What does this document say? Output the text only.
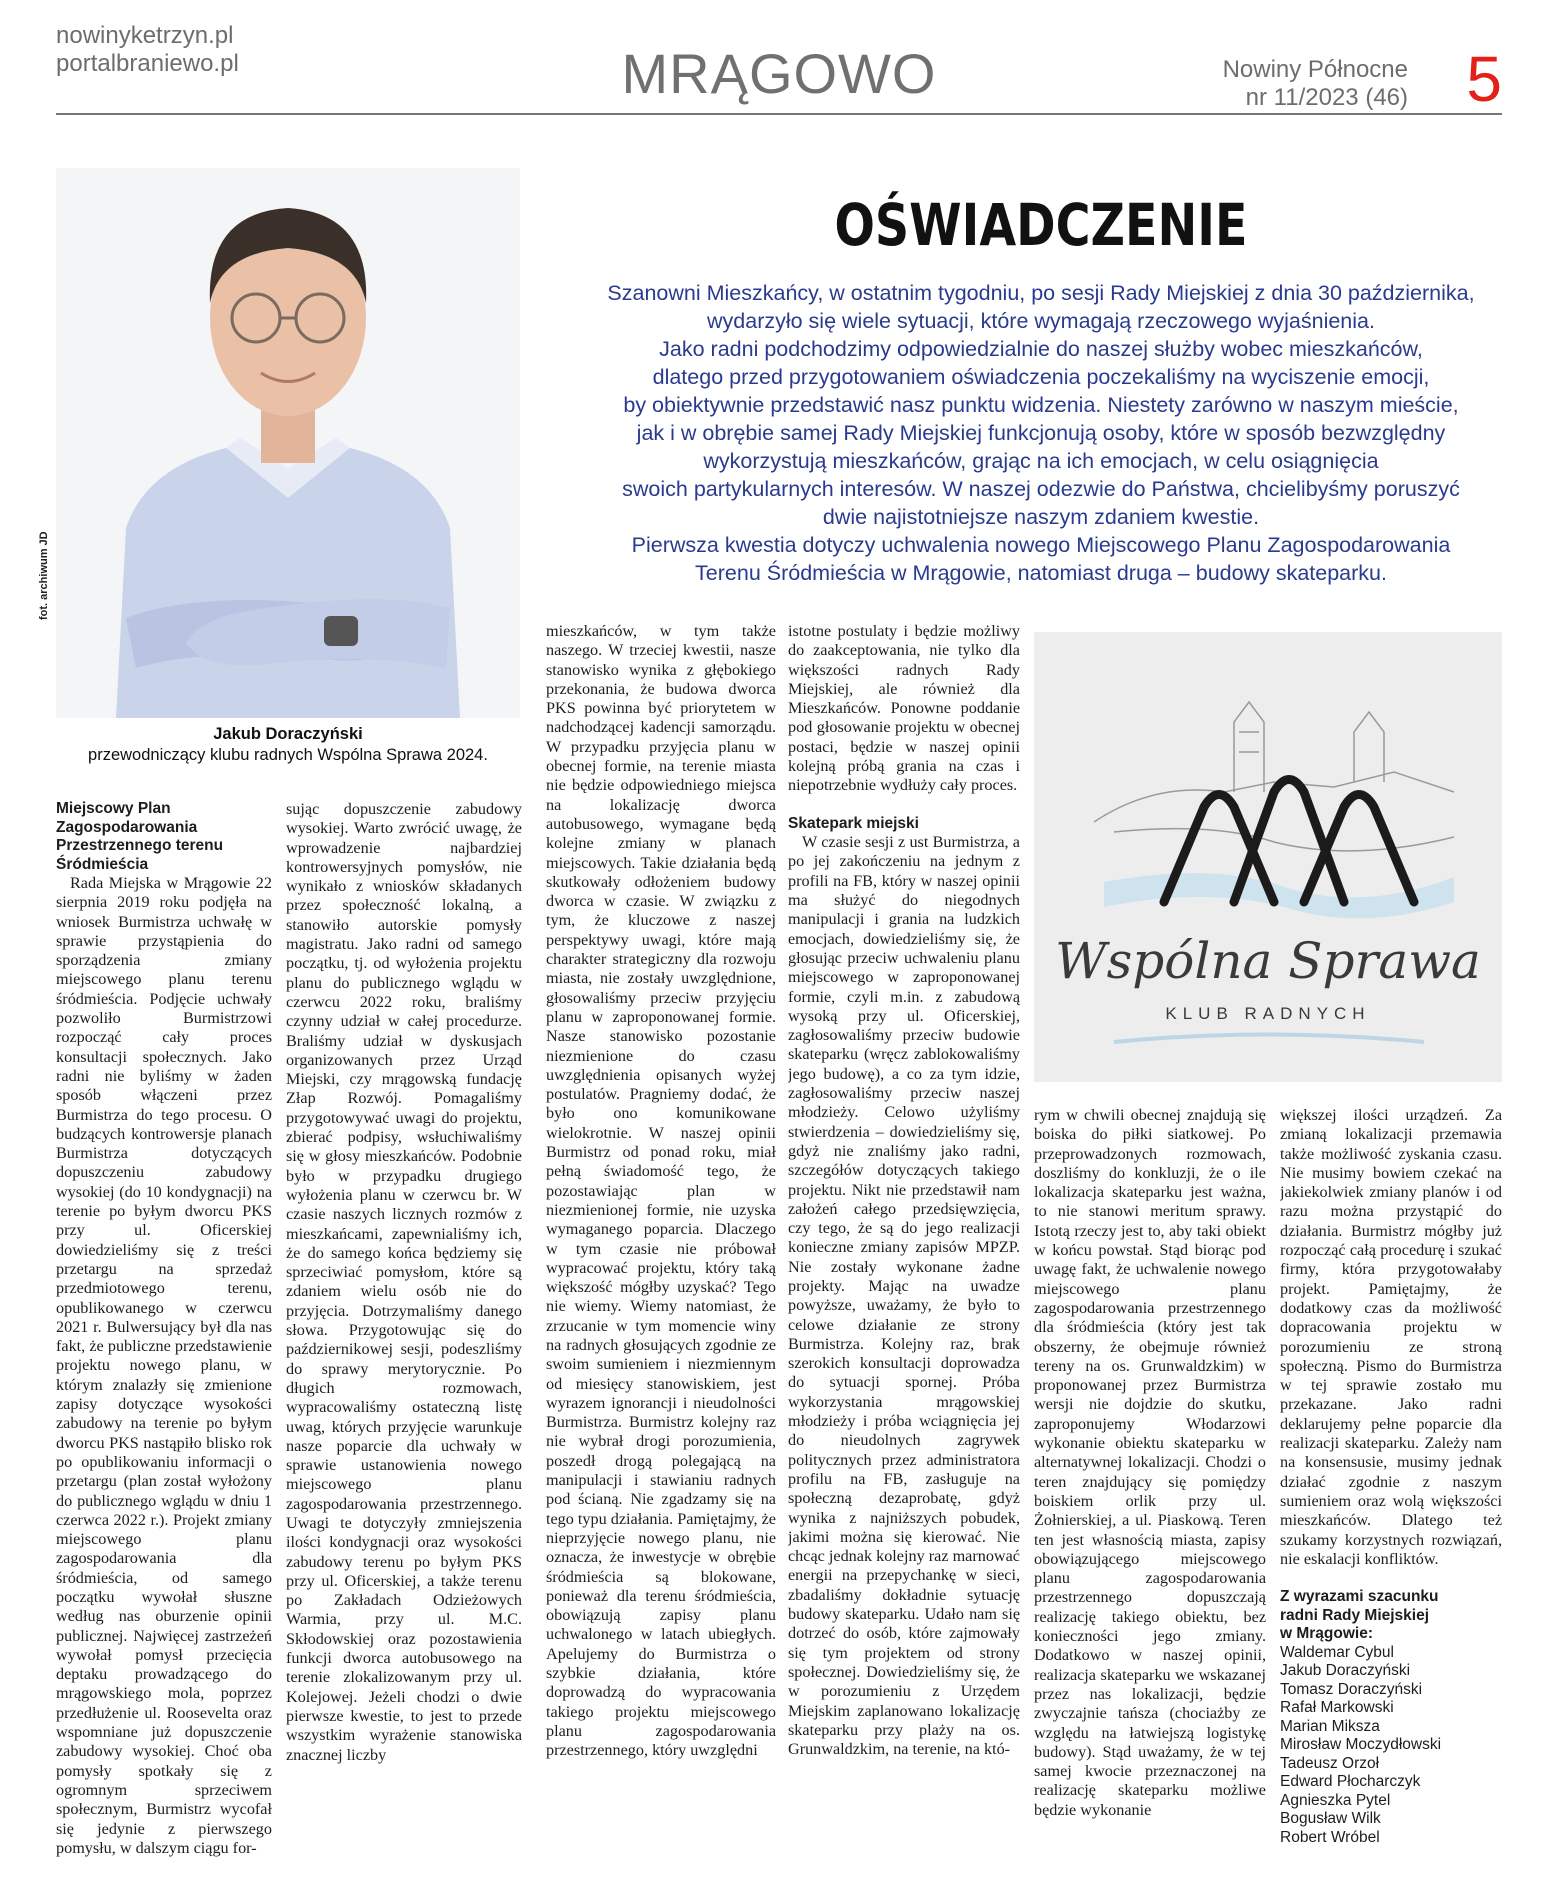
nowinyketrzyn.pl
portalbraniewo.pl	MRĄGOWO	Nowiny Północne
nr 11/2023 (46) 5
fot. archiwum JD
Jakub Doraczyński
przewodniczący klubu radnych Wspólna Sprawa 2024.
OŚWIADCZENIE
Szanowni Mieszkańcy, w ostatnim tygodniu, po sesji Rady Miejskiej z dnia 30 października,
wydarzyło się wiele sytuacji, które wymagają rzeczowego wyjaśnienia.
Jako radni podchodzimy odpowiedzialnie do naszej służby wobec mieszkańców,
dlatego przed przygotowaniem oświadczenia poczekaliśmy na wyciszenie emocji,
by obiektywnie przedstawić nasz punktu widzenia. Niestety zarówno w naszym mieście,
jak i w obrębie samej Rady Miejskiej funkcjonują osoby, które w sposób bezwzględny
wykorzystują mieszkańców, grając na ich emocjach, w celu osiągnięcia
swoich partykularnych interesów. W naszej odezwie do Państwa, chcielibyśmy poruszyć
dwie najistotniejsze naszym zdaniem kwestie.
Pierwsza kwestia dotyczy uchwalenia nowego Miejscowego Planu Zagospodarowania
Terenu Śródmieścia w Mrągowie, natomiast druga – budowy skateparku.

Miejscowy Plan Zagospodarowania Przestrzennego terenu Śródmieścia

Rada Miejska w Mrągowie 22 sierpnia 2019 roku podjęła na wniosek Burmistrza uchwałę w sprawie przystąpienia do sporządzenia zmiany miejscowego planu terenu śródmieścia. Podjęcie uchwały pozwoliło Burmistrzowi rozpocząć cały proces konsultacji społecznych. Jako radni nie byliśmy w żaden sposób włączeni przez Burmistrza do tego procesu. O budzących kontrowersje planach Burmistrza dotyczących dopuszczeniu zabudowy wysokiej (do 10 kondygnacji) na terenie po byłym dworcu PKS przy ul. Oficerskiej dowiedzieliśmy się z treści przetargu na sprzedaż przedmiotowego terenu, opublikowanego w czerwcu 2021 r. Bulwersujący był dla nas fakt, że publiczne przedstawienie projektu nowego planu, w którym znalazły się zmienione zapisy dotyczące wysokości zabudowy na terenie po byłym dworcu PKS nastąpiło blisko rok po opublikowaniu informacji o przetargu (plan został wyłożony do publicznego wglądu w dniu 1 czerwca 2022 r.). Projekt zmiany miejscowego planu zagospodarowania dla śródmieścia, od samego początku wywołał słuszne według nas oburzenie opinii publicznej. Najwięcej zastrzeżeń wywołał pomysł przecięcia deptaku prowadzącego do mrągowskiego mola, poprzez przedłużenie ul. Roosevelta oraz wspomniane już dopuszczenie zabudowy wysokiej. Choć oba pomysły spotkały się z ogromnym sprzeciwem społecznym, Burmistrz wycofał się jedynie z pierwszego pomysłu, w dalszym ciągu for-

sując dopuszczenie zabudowy wysokiej. Warto zwrócić uwagę, że wprowadzenie najbardziej kontrowersyjnych pomysłów, nie wynikało z wniosków składanych przez społeczność lokalną, a stanowiło autorskie pomysły magistratu. Jako radni od samego początku, tj. od wyłożenia projektu planu do publicznego wglądu w czerwcu 2022 roku, braliśmy czynny udział w całej procedurze. Braliśmy udział w dyskusjach organizowanych przez Urząd Miejski, czy mrągowską fundację Złap Rozwój. Pomagaliśmy przygotowywać uwagi do projektu, zbierać podpisy, wsłuchiwaliśmy się w głosy mieszkańców. Podobnie było w przypadku drugiego wyłożenia planu w czerwcu br. W czasie naszych licznych rozmów z mieszkańcami, zapewnialiśmy ich, że do samego końca będziemy się sprzeciwiać pomysłom, które są zdaniem wielu osób nie do przyjęcia. Dotrzymaliśmy danego słowa. Przygotowując się do październikowej sesji, podeszliśmy do sprawy merytorycznie. Po długich rozmowach, wypracowaliśmy ostateczną listę uwag, których przyjęcie warunkuje nasze poparcie dla uchwały w sprawie ustanowienia nowego miejscowego planu zagospodarowania przestrzennego. Uwagi te dotyczyły zmniejszenia ilości kondygnacji oraz wysokości zabudowy terenu po byłym PKS przy ul. Oficerskiej, a także terenu po Zakładach Odzieżowych Warmia, przy ul. M.C. Skłodowskiej oraz pozostawienia funkcji dworca autobusowego na terenie zlokalizowanym przy ul. Kolejowej. Jeżeli chodzi o dwie pierwsze kwestie, to jest to przede wszystkim wyrażenie stanowiska znacznej liczby

mieszkańców, w tym także naszego. W trzeciej kwestii, nasze stanowisko wynika z głębokiego przekonania, że budowa dworca PKS powinna być priorytetem w nadchodzącej kadencji samorządu. W przypadku przyjęcia planu w obecnej formie, na terenie miasta nie będzie odpowiedniego miejsca na lokalizację dworca autobusowego, wymagane będą kolejne zmiany w planach miejscowych. Takie działania będą skutkowały odłożeniem budowy dworca w czasie. W związku z tym, że kluczowe z naszej perspektywy uwagi, które mają charakter strategiczny dla rozwoju miasta, nie zostały uwzględnione, głosowaliśmy przeciw przyjęciu planu w zaproponowanej formie. Nasze stanowisko pozostanie niezmienione do czasu uwzględnienia opisanych wyżej postulatów. Pragniemy dodać, że było ono komunikowane wielokrotnie. W naszej opinii Burmistrz od ponad roku, miał pełną świadomość tego, że pozostawiając plan w niezmienionej formie, nie uzyska wymaganego poparcia. Dlaczego w tym czasie nie próbował wypracować projektu, który taką większość mógłby uzyskać? Tego nie wiemy. Wiemy natomiast, że zrzucanie w tym momencie winy na radnych głosujących zgodnie ze swoim sumieniem i niezmiennym od miesięcy stanowiskiem, jest wyrazem ignorancji i nieudolności Burmistrza. Burmistrz kolejny raz nie wybrał drogi porozumienia, poszedł drogą polegającą na manipulacji i stawianiu radnych pod ścianą. Nie zgadzamy się na tego typu działania. Pamiętajmy, że nieprzyjęcie nowego planu, nie oznacza, że inwestycje w obrębie śródmieścia są blokowane, ponieważ dla terenu śródmieścia, obowiązują zapisy planu uchwalonego w latach ubiegłych. Apelujemy do Burmistrza o szybkie działania, które doprowadzą do wypracowania takiego projektu miejscowego planu zagospodarowania przestrzennego, który uwzględni

istotne postulaty i będzie możliwy do zaakceptowania, nie tylko dla większości radnych Rady Miejskiej, ale również dla Mieszkańców. Ponowne poddanie pod głosowanie projektu w obecnej postaci, będzie w naszej opinii kolejną próbą grania na czas i niepotrzebnie wydłuży cały proces.

Skatepark miejski

W czasie sesji z ust Burmistrza, a po jej zakończeniu na jednym z profili na FB, który w naszej opinii ma służyć do niegodnych manipulacji i grania na ludzkich emocjach, dowiedzieliśmy się, że głosując przeciw uchwaleniu planu miejscowego w zaproponowanej formie, czyli m.in. z zabudową wysoką przy ul. Oficerskiej, zagłosowaliśmy przeciw budowie skateparku (wręcz zablokowaliśmy jego budowę), a co za tym idzie, zagłosowaliśmy przeciw naszej młodzieży. Celowo użyliśmy stwierdzenia – dowiedzieliśmy się, gdyż nie znaliśmy jako radni, szczegółów dotyczących takiego projektu. Nikt nie przedstawił nam założeń całego przedsięwzięcia, czy tego, że są do jego realizacji konieczne zmiany zapisów MPZP. Nie zostały wykonane żadne projekty. Mając na uwadze powyższe, uważamy, że było to celowe działanie ze strony Burmistrza. Kolejny raz, brak szerokich konsultacji doprowadza do sytuacji spornej. Próba wykorzystania mrągowskiej młodzieży i próba wciągnięcia jej do nieudolnych zagrywek politycznych przez administratora profilu na FB, zasługuje na społeczną dezaprobatę, gdyż wynika z najniższych pobudek, jakimi można się kierować. Nie chcąc jednak kolejny raz marnować energii na przepychankę w sieci, zbadaliśmy dokładnie sytuację budowy skateparku. Udało nam się dotrzeć do osób, które zajmowały się tym projektem od strony społecznej. Dowiedzieliśmy się, że w porozumieniu z Urzędem Miejskim zaplanowano lokalizację skateparku przy plaży na os. Grunwaldzkim, na terenie, na któ-

Wspólna Sprawa
KLUB RADNYCH

rym w chwili obecnej znajdują się boiska do piłki siatkowej. Po przeprowadzonych rozmowach, doszliśmy do konkluzji, że o ile lokalizacja skateparku jest ważna, to nie stanowi meritum sprawy. Istotą rzeczy jest to, aby taki obiekt w końcu powstał. Stąd biorąc pod uwagę fakt, że uchwalenie nowego miejscowego planu zagospodarowania przestrzennego dla śródmieścia (który jest tak obszerny, że obejmuje również tereny na os. Grunwaldzkim) w proponowanej przez Burmistrza wersji nie dojdzie do skutku, zaproponujemy Włodarzowi wykonanie obiektu skateparku w alternatywnej lokalizacji. Chodzi o teren znajdujący się pomiędzy boiskiem orlik przy ul. Żołnierskiej, a ul. Piaskową. Teren ten jest własnością miasta, zapisy obowiązującego miejscowego planu zagospodarowania przestrzennego dopuszczają realizację takiego obiektu, bez konieczności jego zmiany. Dodatkowo w naszej opinii, realizacja skateparku we wskazanej przez nas lokalizacji, będzie zwyczajnie tańsza (chociażby ze względu na łatwiejszą logistykę budowy). Stąd uważamy, że w tej samej kwocie przeznaczonej na realizację skateparku możliwe będzie wykonanie

większej ilości urządzeń. Za zmianą lokalizacji przemawia także możliwość zyskania czasu. Nie musimy bowiem czekać na jakiekolwiek zmiany planów i od razu można przystąpić do działania. Burmistrz mógłby już rozpocząć całą procedurę i szukać firmy, która przygotowałaby projekt. Pamiętajmy, że dodatkowy czas da możliwość dopracowania projektu w porozumieniu ze stroną społeczną. Pismo do Burmistrza w tej sprawie zostało mu przekazane. Jako radni deklarujemy pełne poparcie dla realizacji skateparku. Zależy nam na konsensusie, musimy jednak działać zgodnie z naszym sumieniem oraz wolą większości mieszkańców. Dlatego też szukamy korzystnych rozwiązań, nie eskalacji konfliktów.

Z wyrazami szacunku
radni Rady Miejskiej
w Mrągowie:
Waldemar Cybul
Jakub Doraczyński
Tomasz Doraczyński
Rafał Markowski
Marian Miksza
Mirosław Moczydłowski
Tadeusz Orzoł
Edward Płocharczyk
Agnieszka Pytel
Bogusław Wilk
Robert Wróbel
